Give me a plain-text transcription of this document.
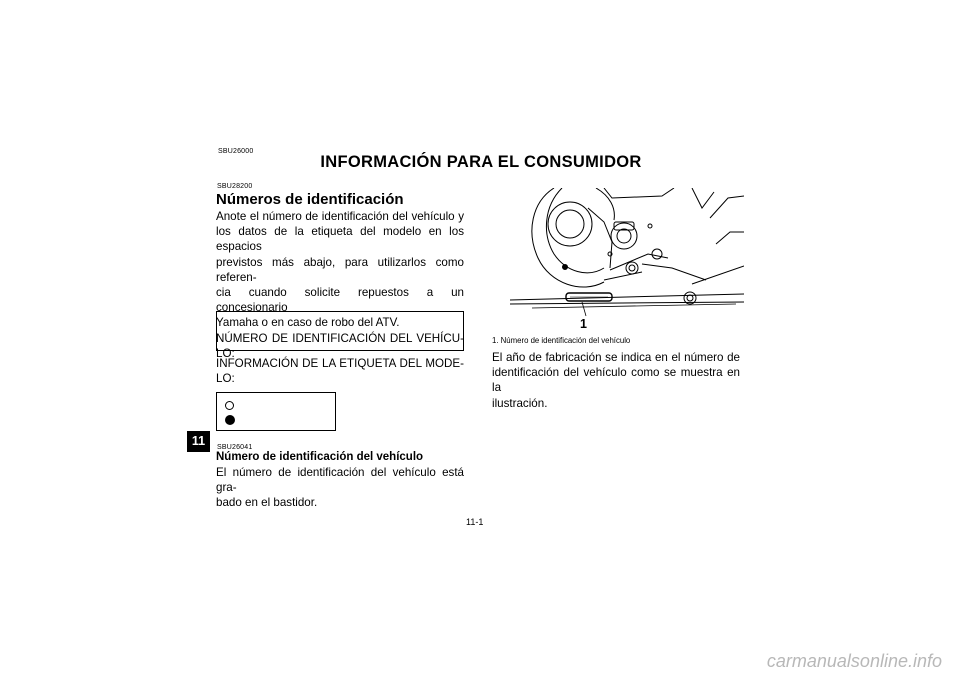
SBU26000
INFORMACIÓN PARA EL CONSUMIDOR
SBU28200
Números de identificación
Anote el número de identificación del vehículo y
los datos de la etiqueta del modelo en los espacios
previstos más abajo, para utilizarlos como referen-
cia cuando solicite repuestos a un concesionario
Yamaha o en caso de robo del ATV.
NÚMERO DE IDENTIFICACIÓN DEL VEHÍCU-
LO:
INFORMACIÓN DE LA ETIQUETA DEL MODE-
LO:
SBU26041
Número de identificación del vehículo
El número de identificación del vehículo está gra-
bado en el bastidor.
11
1
1. Número de identificación del vehículo
El año de fabricación se indica en el número de
identificación del vehículo como se muestra en la
ilustración.
11-1
carmanualsonline.info
